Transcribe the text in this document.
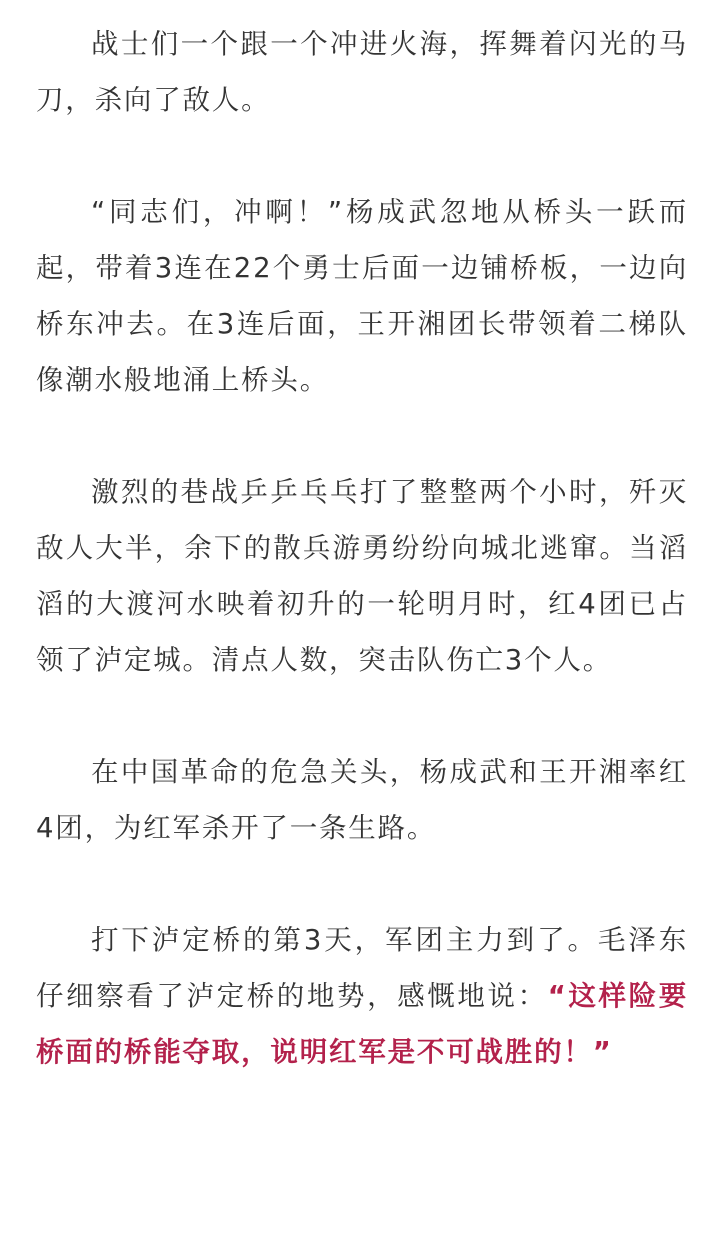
战士们一个跟一个冲进火海，挥舞着闪光的马刀，杀向了敌人。

“同志们，冲啊！”杨成武忽地从桥头一跃而起，带着3连在22个勇士后面一边铺桥板，一边向桥东冲去。在3连后面，王开湘团长带领着二梯队像潮水般地涌上桥头。

激烈的巷战乒乒乓乓打了整整两个小时，歼灭敌人大半，余下的散兵游勇纷纷向城北逃窜。当滔滔的大渡河水映着初升的一轮明月时，红4团已占领了泸定城。清点人数，突击队伤亡3个人。

在中国革命的危急关头，杨成武和王开湘率红4团，为红军杀开了一条生路。

打下泸定桥的第3天，军团主力到了。毛泽东仔细察看了泸定桥的地势，感慨地说：“这样险要桥面的桥能夺取，说明红军是不可战胜的！”
